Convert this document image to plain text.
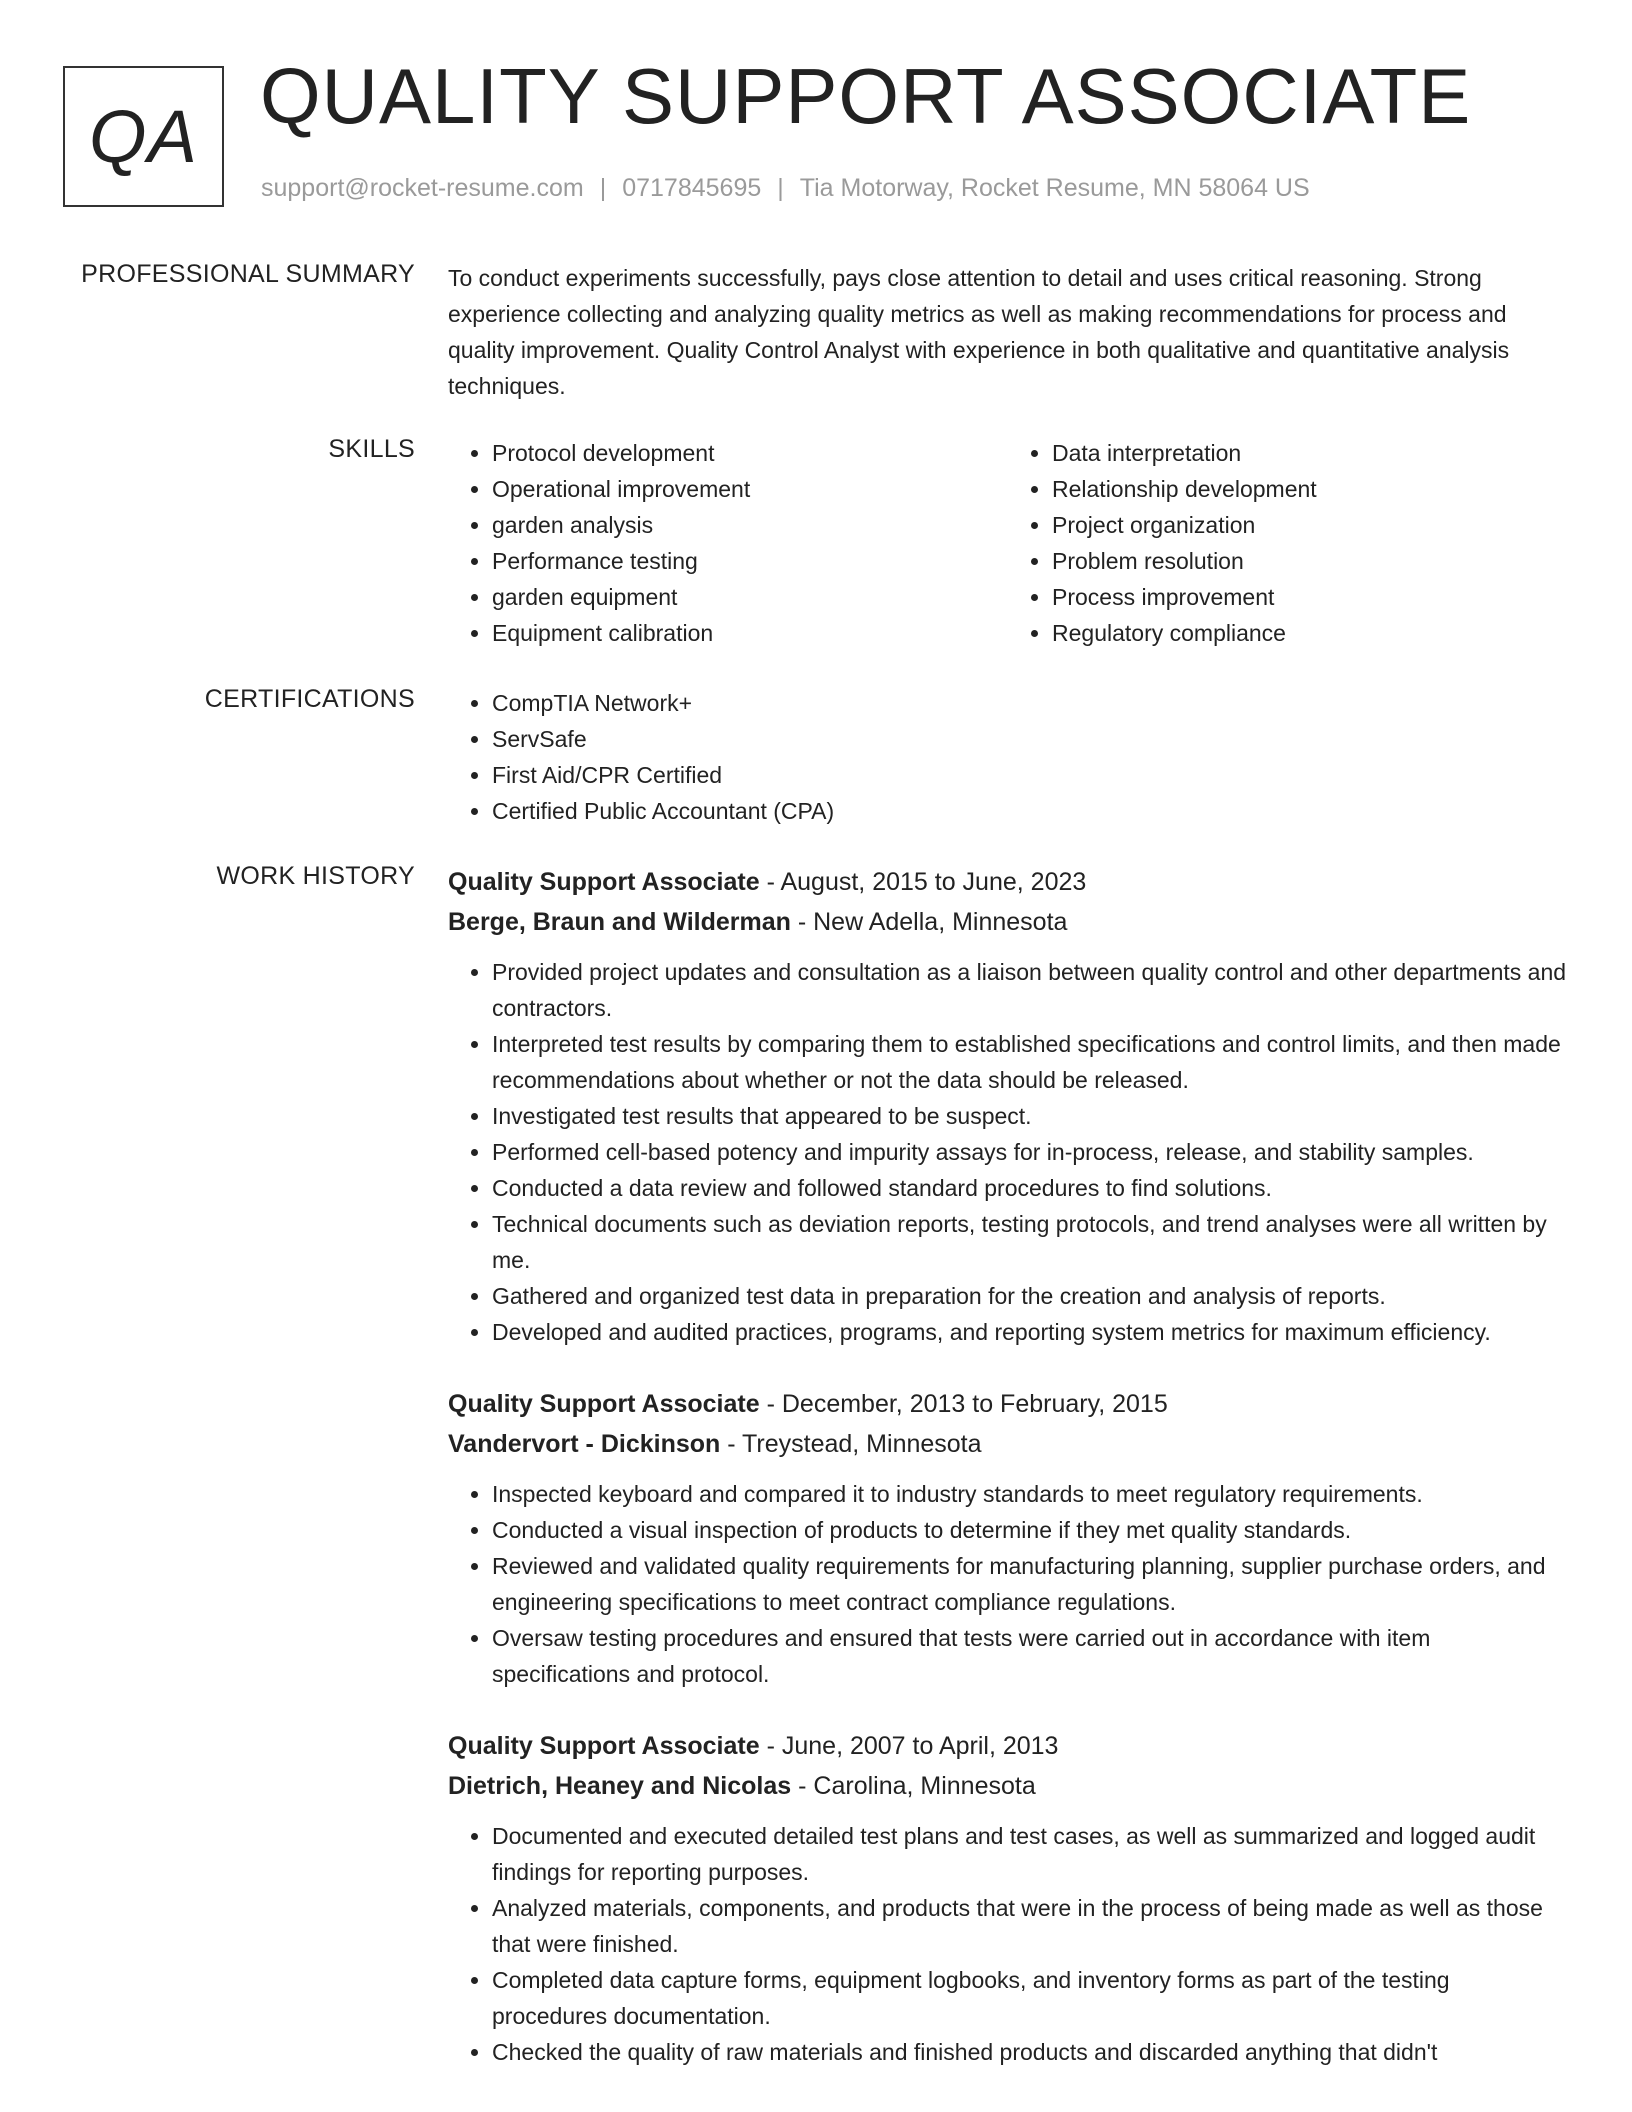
QA QUALITY SUPPORT ASSOCIATE
support@rocket-resume.com | 0717845695 | Tia Motorway, Rocket Resume, MN 58064 US
PROFESSIONAL SUMMARY To conduct experiments successfully, pays close attention to detail and uses critical reasoning. Strong experience collecting and analyzing quality metrics as well as making recommendations for process and quality improvement. Quality Control Analyst with experience in both qualitative and quantitative analysis techniques.

SKILLS	• Protocol development
• Operational improvement
• garden analysis
• Performance testing
• garden equipment
• Equipment calibration
• Data interpretation
• Relationship development
• Project organization
• Problem resolution
• Process improvement
• Regulatory compliance
CERTIFICATIONS	• CompTIA Network+
• ServSafe
• First Aid/CPR Certified
• Certified Public Accountant (CPA)
WORK HISTORY Quality Support Associate - August, 2015 to June, 2023
Berge, Braun and Wilderman - New Adella, Minnesota
• Provided project updates and consultation as a liaison between quality control and other departments and contractors.
• Interpreted test results by comparing them to established specifications and control limits, and then made recommendations about whether or not the data should be released.
• Investigated test results that appeared to be suspect.
• Performed cell-based potency and impurity assays for in-process, release, and stability samples.
• Conducted a data review and followed standard procedures to find solutions.
• Technical documents such as deviation reports, testing protocols, and trend analyses were all written by me.
• Gathered and organized test data in preparation for the creation and analysis of reports.
• Developed and audited practices, programs, and reporting system metrics for maximum efficiency.
Quality Support Associate - December, 2013 to February, 2015
Vandervort - Dickinson - Treystead, Minnesota
• Inspected keyboard and compared it to industry standards to meet regulatory requirements.
• Conducted a visual inspection of products to determine if they met quality standards.
• Reviewed and validated quality requirements for manufacturing planning, supplier purchase orders, and engineering specifications to meet contract compliance regulations.
• Oversaw testing procedures and ensured that tests were carried out in accordance with item specifications and protocol.
Quality Support Associate - June, 2007 to April, 2013
Dietrich, Heaney and Nicolas - Carolina, Minnesota
• Documented and executed detailed test plans and test cases, as well as summarized and logged audit findings for reporting purposes.
• Analyzed materials, components, and products that were in the process of being made as well as those that were finished.
• Completed data capture forms, equipment logbooks, and inventory forms as part of the testing procedures documentation.
• Checked the quality of raw materials and finished products and discarded anything that didn't
